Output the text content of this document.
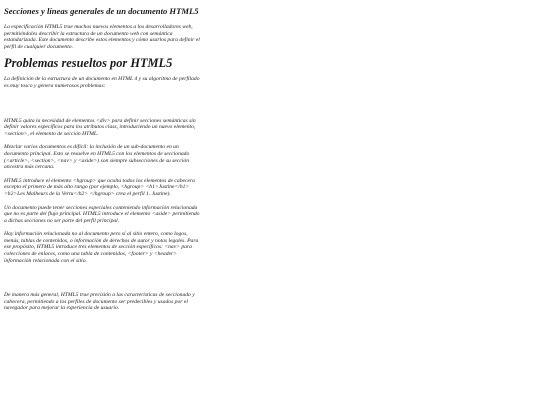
Secciones y líneas generales de un documento HTML5
La especificación HTML5 trae muchos nuevos elementos a los desarrolladores web, permitiéndoles describir la estructura de un documento web con semántica estandarizada. Este documento describe estos elementos y cómo usarlos para definir el perfil de cualquier documento.
Problemas resueltos por HTML5
La definición de la estructura de un documento en HTML 4 y su algoritmo de perfilado es muy tosco y genera numerosos problemas:
HTML5 quita la necesidad de elementos <div> para definir secciones semánticas sin definir valores específicos para los atributos class, introduciendo un nuevo elemento, <section>, el elemento de sección HTML.
Mezclar varios documentos es difícil: la inclusión de un sub-documento en un documento principal. Esto se resuelve en HTML5 con los elementos de seccionado (<article>, <section>, <nav> y <aside>) son siempre subsecciones de su sección ancestra más cercana.
HTML5 introduce el elemento <hgroup> que oculta todos los elementos de cabecera excepto el primero de más alto rango (por ejemplo, <hgroup> <h1>Justine</h1><h2>Les Malheurs de la Vertu</h2> </hgroup> crea el perfil 1. Justine).
Un documento puede tener secciones especiales conteniendo información relacionada que no es parte del flujo principal. HTML5 introduce el elemento <aside> permitiendo a dichas secciones no ser parte del perfil principal.
Hay información relacionada no al documento pero sí al sitio entero, como logos, menús, tablas de contenidos, o información de derechos de autor y notas legales. Para ese propósito, HTML5 introduce tres elementos de sección específicos: <nav> para colecciones de enlaces, como una tabla de contenidos, <footer> y <header> información relacionada con el sitio.
De manera más general, HTML5 trae precisión a las características de seccionado y cabecera, permitiendo a los perfiles de documento ser predecibles y usados por el navegador para mejorar la experiencia de usuario.
